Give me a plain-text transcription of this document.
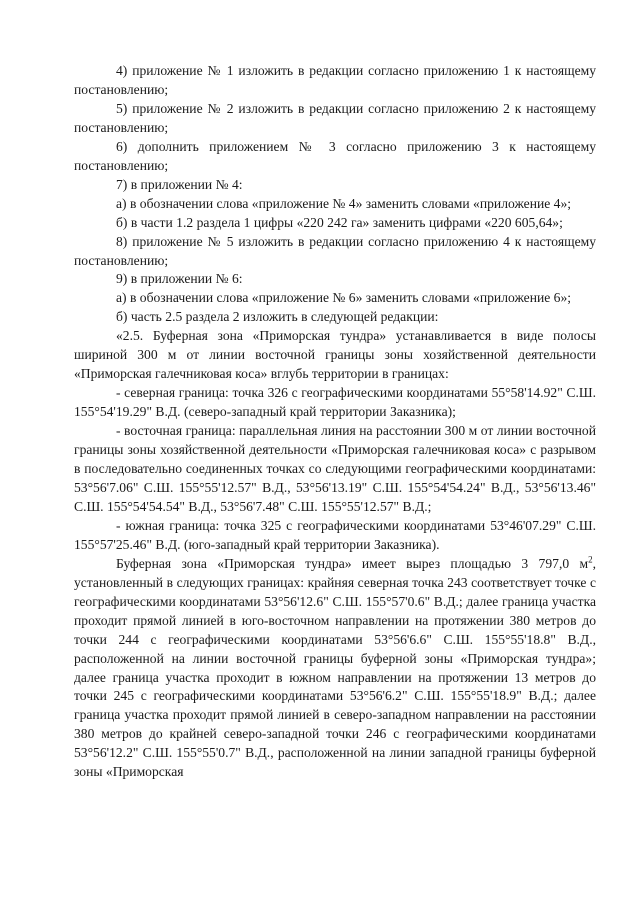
4) приложение № 1 изложить в редакции согласно приложению 1 к настоящему постановлению;

5) приложение № 2 изложить в редакции согласно приложению 2 к настоящему постановлению;

6) дополнить приложением № 3 согласно приложению 3 к настоящему постановлению;

7) в приложении № 4:

а) в обозначении слова «приложение № 4» заменить словами «приложение 4»;

б) в части 1.2 раздела 1 цифры «220 242 га» заменить цифрами «220 605,64»;

8) приложение № 5 изложить в редакции согласно приложению 4 к настоящему постановлению;

9) в приложении № 6:

а) в обозначении слова «приложение № 6» заменить словами «приложение 6»;

б) часть 2.5 раздела 2 изложить в следующей редакции:

«2.5. Буферная зона «Приморская тундра» устанавливается в виде полосы шириной 300 м от линии восточной границы зоны хозяйственной деятельности «Приморская галечниковая коса» вглубь территории в границах:

- северная граница: точка 326 с географическими координатами 55°58'14.92" С.Ш. 155°54'19.29" В.Д. (северо-западный край территории Заказника);

- восточная граница: параллельная линия на расстоянии 300 м от линии восточной границы зоны хозяйственной деятельности «Приморская галечниковая коса» с разрывом в последовательно соединенных точках со следующими географическими координатами: 53°56'7.06" С.Ш. 155°55'12.57" В.Д., 53°56'13.19" С.Ш. 155°54'54.24" В.Д., 53°56'13.46" С.Ш. 155°54'54.54" В.Д., 53°56'7.48" С.Ш. 155°55'12.57" В.Д.;

- южная граница: точка 325 с географическими координатами 53°46'07.29" С.Ш. 155°57'25.46" В.Д. (юго-западный край территории Заказника).

Буферная зона «Приморская тундра» имеет вырез площадью 3 797,0 $м^2$, установленный в следующих границах: крайняя северная точка 243 соответствует точке с географическими координатами 53°56'12.6" С.Ш. 155°57'0.6" В.Д.; далее граница участка проходит прямой линией в юго-восточном направлении на протяжении 380 метров до точки 244 с географическими координатами 53°56'6.6" С.Ш. 155°55'18.8" В.Д., расположенной на линии восточной границы буферной зоны «Приморская тундра»; далее граница участка проходит в южном направлении на протяжении 13 метров до точки 245 с географическими координатами 53°56'6.2" С.Ш. 155°55'18.9" В.Д.; далее граница участка проходит прямой линией в северо-западном направлении на расстоянии 380 метров до крайней северо-западной точки 246 с географическими координатами 53°56'12.2" С.Ш. 155°55'0.7" В.Д., расположенной на линии западной границы буферной зоны «Приморская
